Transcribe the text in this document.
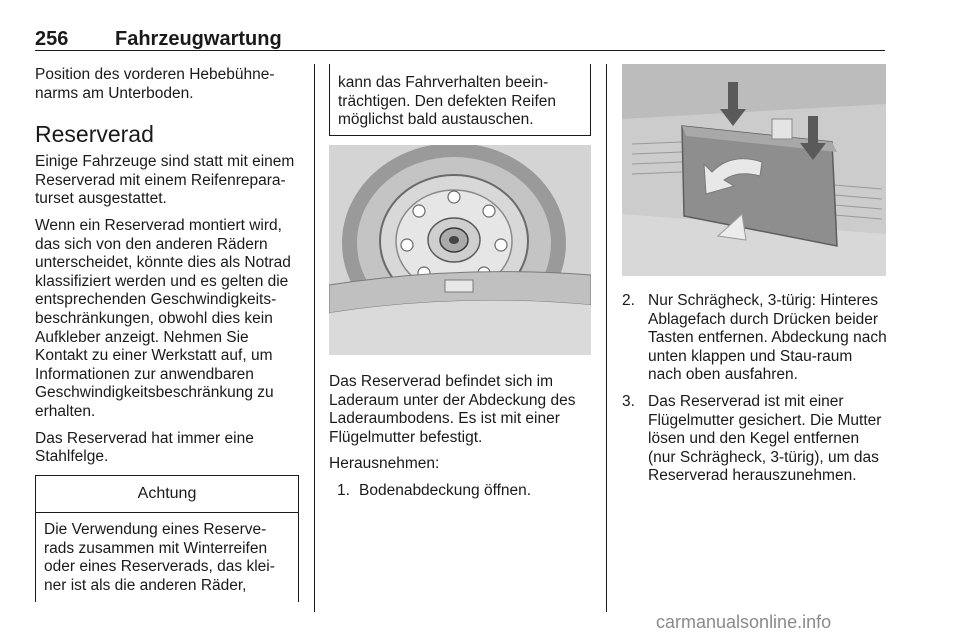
256 Fahrzeugwartung

Position des vorderen Hebebühne-narms am Unterboden.

Reserverad

Einige Fahrzeuge sind statt mit einem Reserverad mit einem Reifenrepara-turset ausgestattet.

Wenn ein Reserverad montiert wird, das sich von den anderen Rädern unterscheidet, könnte dies als Notrad klassifiziert werden und es gelten die entsprechenden Geschwindigkeits-beschränkungen, obwohl dies kein Aufkleber anzeigt. Nehmen Sie Kontakt zu einer Werkstatt auf, um Informationen zur anwendbaren Geschwindigkeitsbeschränkung zu erhalten.

Das Reserverad hat immer eine Stahlfelge.

Achtung
Die Verwendung eines Reserve-rads zusammen mit Winterreifen oder eines Reserverads, das klei-ner ist als die anderen Räder,
kann das Fahrverhalten beein-trächtigen. Den defekten Reifen möglichst bald austauschen.

Das Reserverad befindet sich im Laderaum unter der Abdeckung des Laderaumbodens. Es ist mit einer Flügelmutter befestigt.

Herausnehmen:

1. Bodenabdeckung öffnen.
2. Nur Schrägheck, 3-türig: Hinteres Ablagefach durch Drücken beider Tasten entfernen. Abdeckung nach unten klappen und Stau-raum nach oben ausfahren.
3. Das Reserverad ist mit einer Flügelmutter gesichert. Die Mutter lösen und den Kegel entfernen (nur Schrägheck, 3-türig), um das Reserverad herauszunehmen.
carmanualsonline.info
